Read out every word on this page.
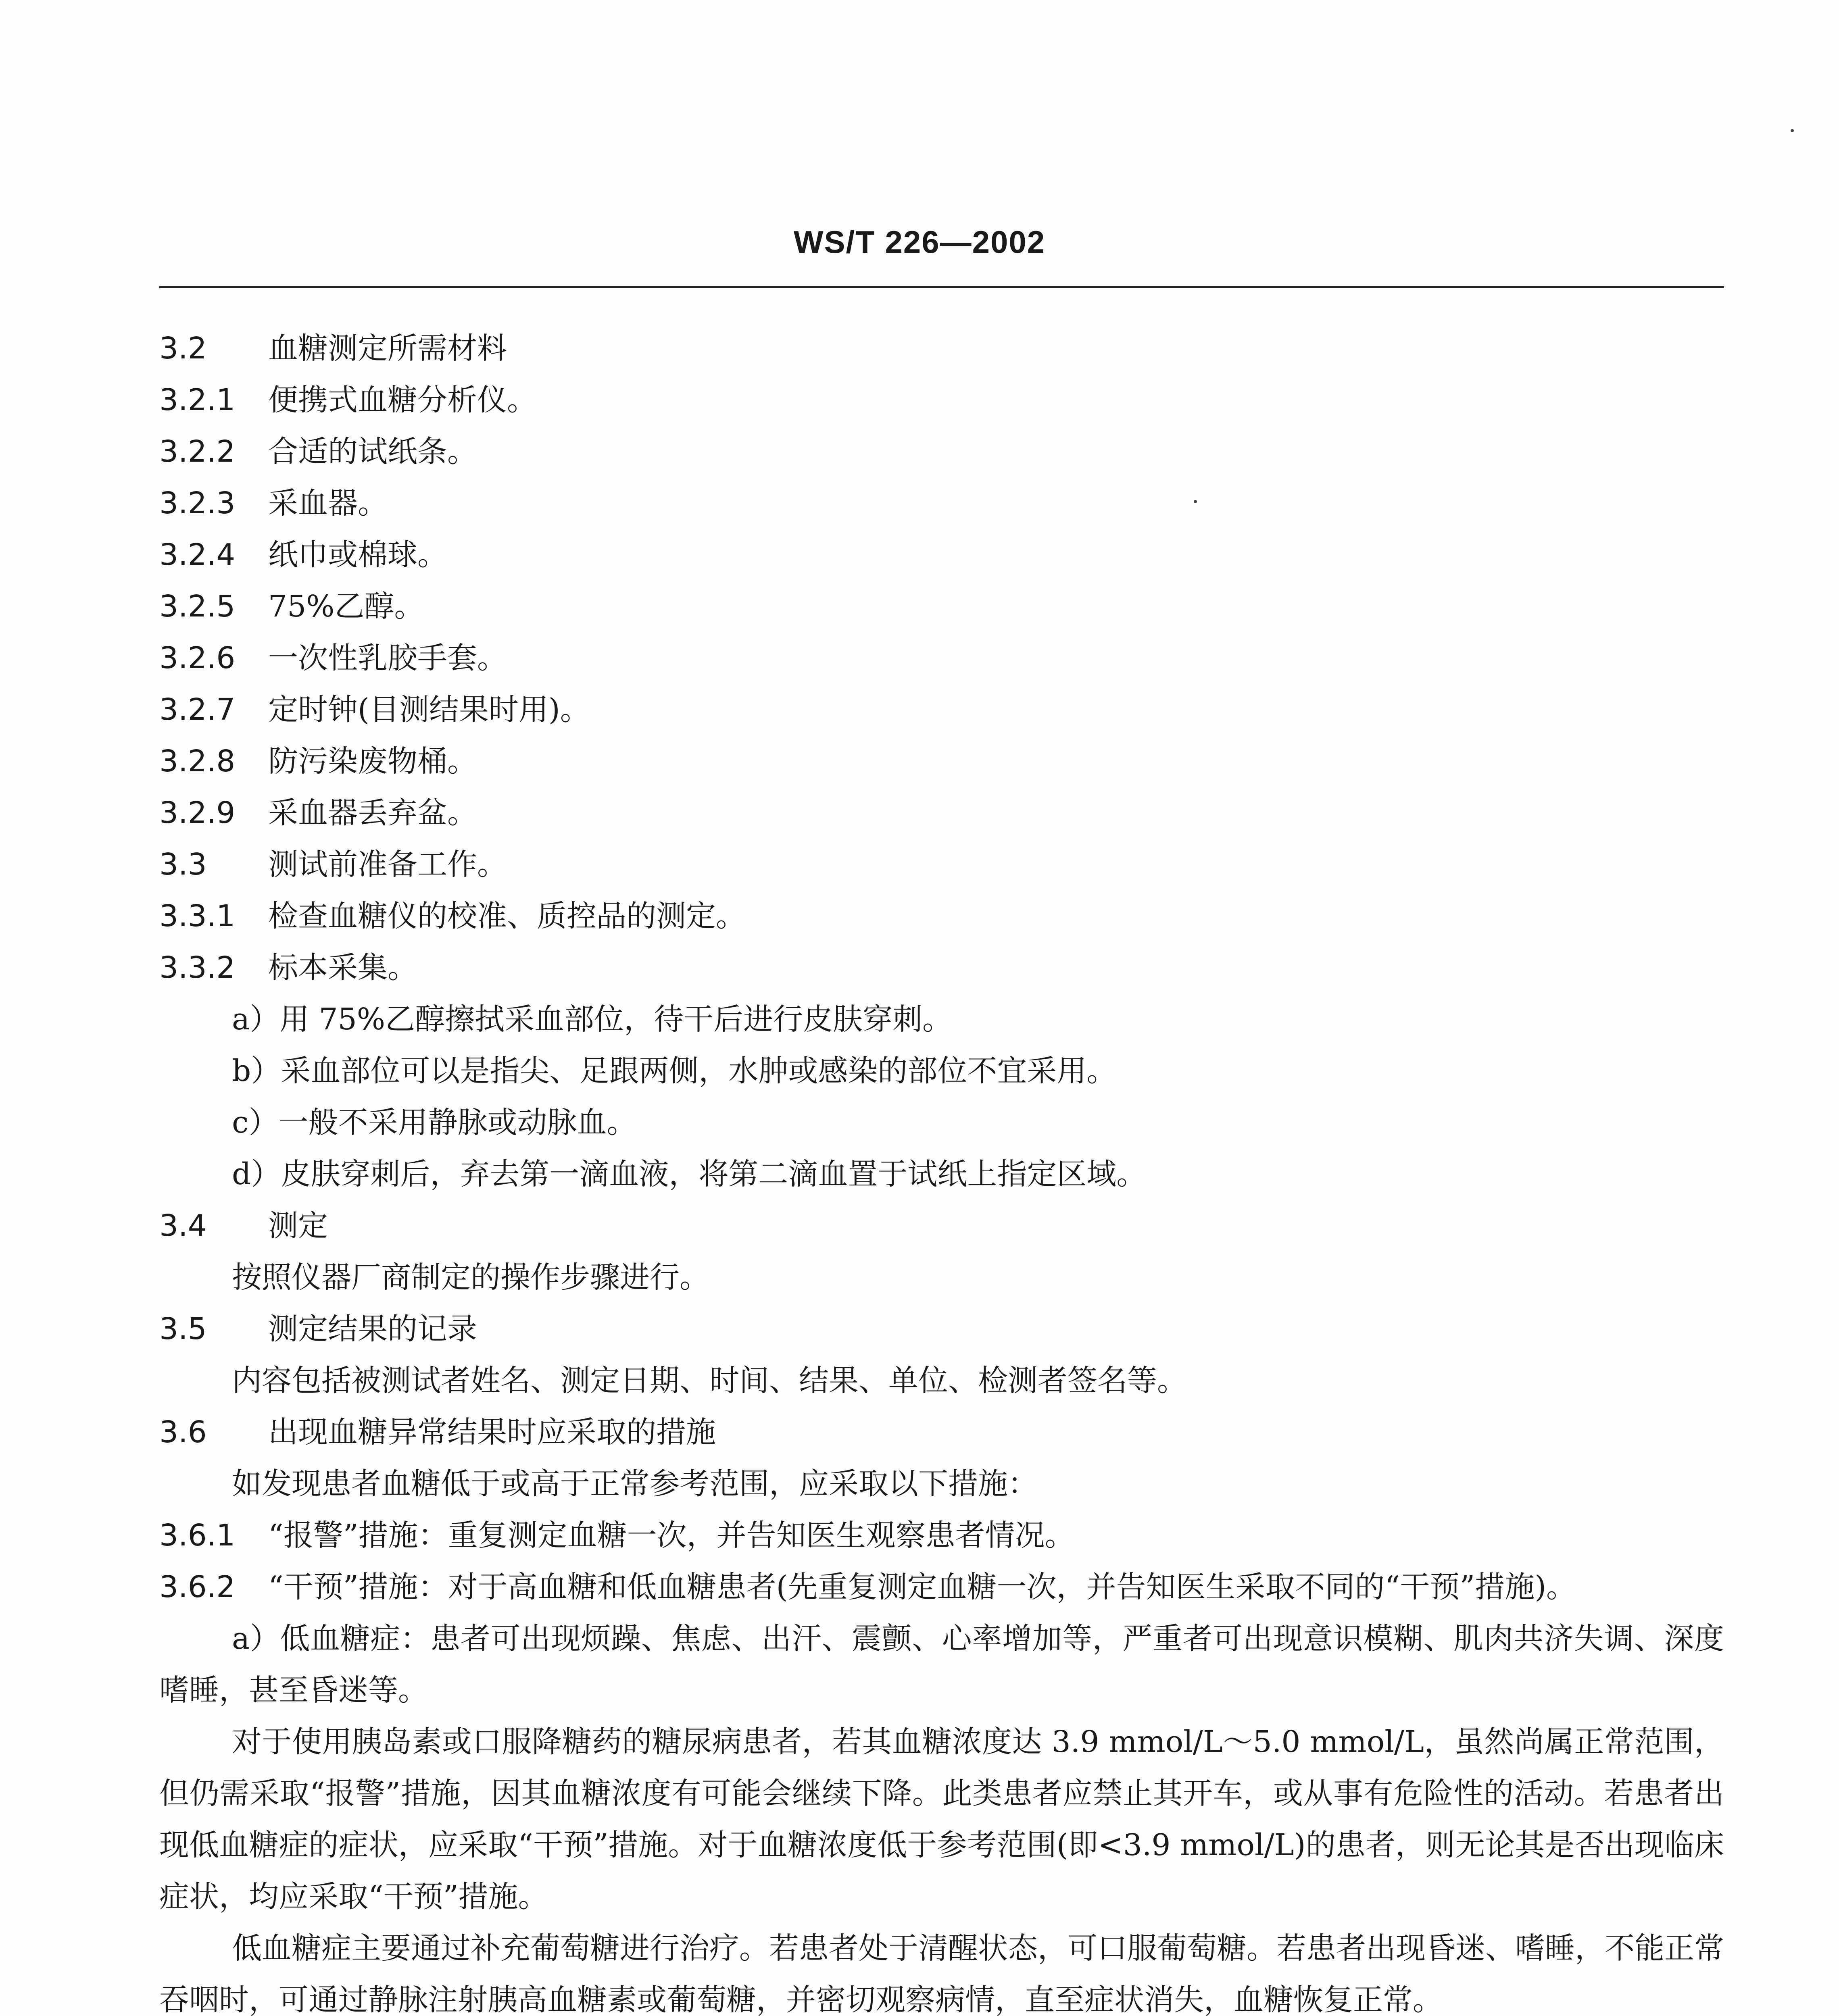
WS/T 226—2002
3.2	血糖测定所需材料
3.2.1	便携式血糖分析仪。
3.2.2	合适的试纸条。
3.2.3	采血器。
3.2.4	纸巾或棉球。
3.2.5	75%乙醇。
3.2.6	一次性乳胶手套。
3.2.7	定时钟(目测结果时用)。
3.2.8	防污染废物桶。
3.2.9	采血器丢弃盆。
3.3	测试前准备工作。
3.3.1	检查血糖仪的校准、质控品的测定。
3.3.2	标本采集。
a）用 75%乙醇擦拭采血部位，待干后进行皮肤穿刺。
b）采血部位可以是指尖、足跟两侧，水肿或感染的部位不宜采用。
c）一般不采用静脉或动脉血。
d）皮肤穿刺后，弃去第一滴血液，将第二滴血置于试纸上指定区域。
3.4	测定
按照仪器厂商制定的操作步骤进行。
3.5	测定结果的记录
内容包括被测试者姓名、测定日期、时间、结果、单位、检测者签名等。
3.6	出现血糖异常结果时应采取的措施
如发现患者血糖低于或高于正常参考范围，应采取以下措施：
3.6.1	“报警”措施：重复测定血糖一次，并告知医生观察患者情况。

3.6.2 “干预”措施：对于高血糖和低血糖患者(先重复测定血糖一次，并告知医生采取不同的“干预”措施)。

a）低血糖症：患者可出现烦躁、焦虑、出汗、震颤、心率增加等，严重者可出现意识模糊、肌肉共济失调、深度嗜睡，甚至昏迷等。

对于使用胰岛素或口服降糖药的糖尿病患者，若其血糖浓度达 3.9 mmol/L～5.0 mmol/L，虽然尚属正常范围，但仍需采取“报警”措施，因其血糖浓度有可能会继续下降。此类患者应禁止其开车，或从事有危险性的活动。若患者出现低血糖症的症状，应采取“干预”措施。对于血糖浓度低于参考范围(即<3.9 mmol/L)的患者，则无论其是否出现临床症状，均应采取“干预”措施。

低血糖症主要通过补充葡萄糖进行治疗。若患者处于清醒状态，可口服葡萄糖。若患者出现昏迷、嗜睡，不能正常吞咽时，可通过静脉注射胰高血糖素或葡萄糖，并密切观察病情，直至症状消失，血糖恢复正常。
